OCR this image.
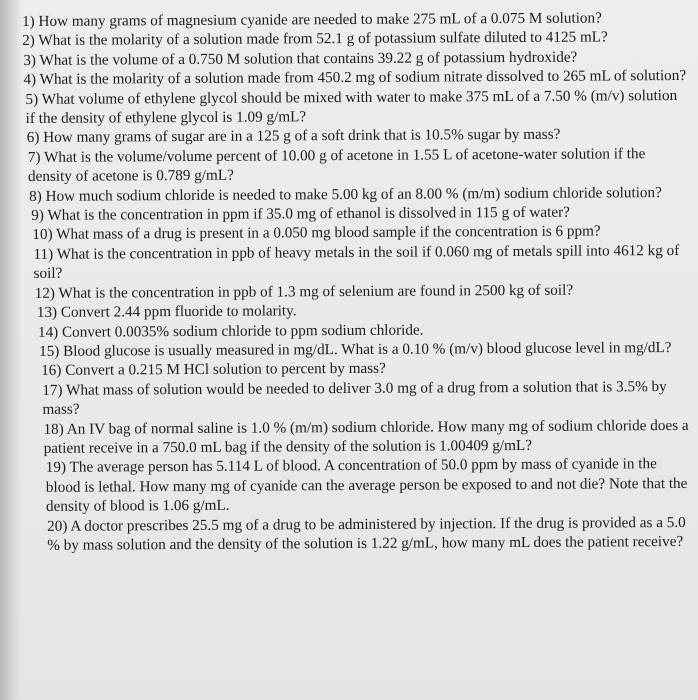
1) How many grams of magnesium cyanide are needed to make 275 mL of a 0.075 M solution?

2) What is the molarity of a solution made from 52.1 g of potassium sulfate diluted to 4125 mL?

3) What is the volume of a 0.750 M solution that contains 39.22 g of potassium hydroxide?

4) What is the molarity of a solution made from 450.2 mg of sodium nitrate dissolved to 265 mL of solution?

5) What volume of ethylene glycol should be mixed with water to make 375 mL of a 7.50 % (m/v) solution if the density of ethylene glycol is 1.09 g/mL?

6) How many grams of sugar are in a 125 g of a soft drink that is 10.5% sugar by mass?

7) What is the volume/volume percent of 10.00 g of acetone in 1.55 L of acetone-water solution if the density of acetone is 0.789 g/mL?

8) How much sodium chloride is needed to make 5.00 kg of an 8.00 % (m/m) sodium chloride solution?

9) What is the concentration in ppm if 35.0 mg of ethanol is dissolved in 115 g of water?

10) What mass of a drug is present in a 0.050 mg blood sample if the concentration is 6 ppm?

11) What is the concentration in ppb of heavy metals in the soil if 0.060 mg of metals spill into 4612 kg of soil?

12) What is the concentration in ppb of 1.3 mg of selenium are found in 2500 kg of soil?

13) Convert 2.44 ppm fluoride to molarity.

14) Convert 0.0035% sodium chloride to ppm sodium chloride.

15) Blood glucose is usually measured in mg/dL. What is a 0.10 % (m/v) blood glucose level in mg/dL?

16) Convert a 0.215 M HCl solution to percent by mass?

17) What mass of solution would be needed to deliver 3.0 mg of a drug from a solution that is 3.5% by mass?

18) An IV bag of normal saline is 1.0 % (m/m) sodium chloride. How many mg of sodium chloride does a patient receive in a 750.0 mL bag if the density of the solution is 1.00409 g/mL?

19) The average person has 5.114 L of blood. A concentration of 50.0 ppm by mass of cyanide in the blood is lethal. How many mg of cyanide can the average person be exposed to and not die? Note that the density of blood is 1.06 g/mL.

20) A doctor prescribes 25.5 mg of a drug to be administered by injection. If the drug is provided as a 5.0 % by mass solution and the density of the solution is 1.22 g/mL, how many mL does the patient receive?
